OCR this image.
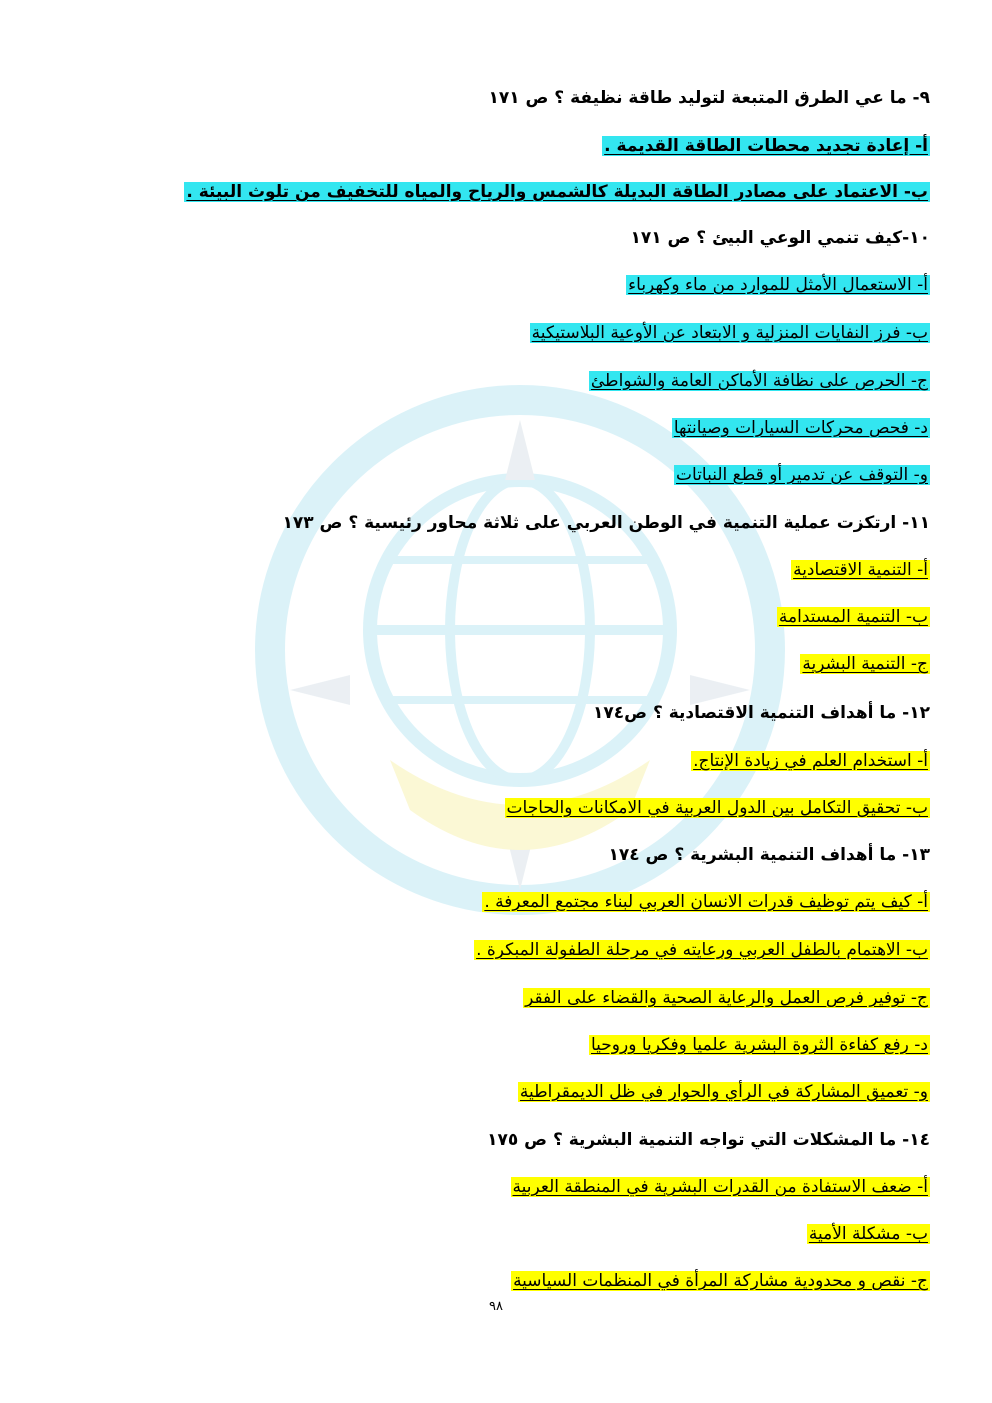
٩- ما عي الطرق المتبعة لتوليد طاقة نظيفة ؟ ص ١٧١
أ- إعادة تجديد محطات الطاقة القديمة .
ب- الاعتماد على مصادر الطاقة البديلة كالشمس والرياح والمياه للتخفيف من تلوث البيئة .
١٠-كيف تنمي الوعي البيئ ؟ ص ١٧١
أ- الاستعمال الأمثل للموارد من ماء وكهرباء
ب- فرز النفايات المنزلية و الابتعاد عن الأوعية البلاستيكية
ج- الحرص على نظافة الأماكن العامة والشواطئ
د- فحص محركات السيارات وصيانتها
و- التوقف عن تدمير أو قطع النباتات
١١- ارتكزت عملية التنمية في الوطن العربي على ثلاثة محاور رئيسية ؟ ص ١٧٣
أ- التنمية الاقتصادية
ب- التنمية المستدامة
ج- التنمية البشرية
١٢- ما أهداف التنمية الاقتصادية ؟ ص١٧٤
أ- استخدام العلم في زيادة الإنتاج.
ب- تحقيق التكامل بين الدول العربية في الامكانات والحاجات
١٣- ما أهداف التنمية البشرية ؟ ص ١٧٤
أ- كيف يتم توظيف قدرات الانسان العربي لبناء مجتمع المعرفة .
ب- الاهتمام بالطفل العربي ورعايته في مرحلة الطفولة المبكرة .
ج- توفير فرص العمل والرعاية الصحية والقضاء على الفقر
د- رفع كفاءة الثروة البشرية علميا وفكريا وروحيا
و- تعميق المشاركة في الرأي والحوار في ظل الديمقراطية
١٤- ما المشكلات التي تواجه التنمية البشرية ؟ ص ١٧٥
أ- ضعف الاستفادة من القدرات البشرية في المنطقة العربية
ب- مشكلة الأمية
ج- نقص و محدودية مشاركة المرأة في المنظمات السياسية
٩٨
